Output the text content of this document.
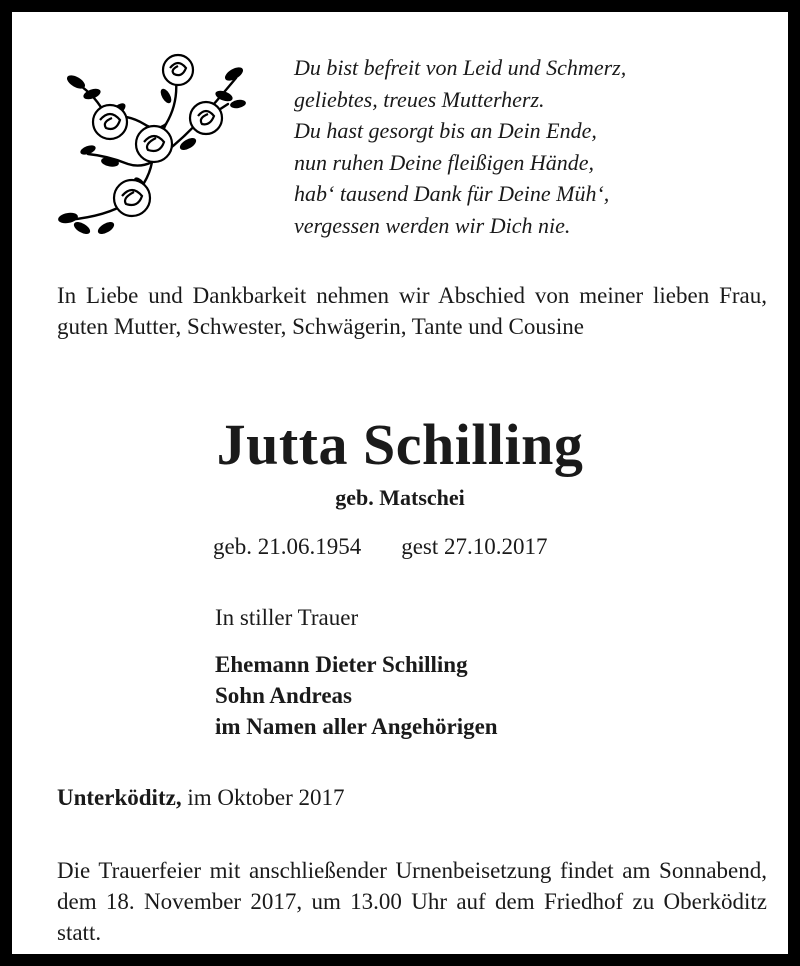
Du bist befreit von Leid und Schmerz,
geliebtes, treues Mutterherz.
Du hast gesorgt bis an Dein Ende,
nun ruhen Deine fleißigen Hände,
hab‘ tausend Dank für Deine Müh‘,
vergessen werden wir Dich nie.

In Liebe und Dankbarkeit nehmen wir Abschied von meiner lieben Frau, guten Mutter, Schwester, Schwägerin, Tante und Cousine

Jutta Schilling
geb. Matschei
geb. 21.06.1954 gest 27.10.2017
In stiller Trauer
Ehemann Dieter Schilling
Sohn Andreas
im Namen aller Angehörigen
Unterköditz, im Oktober 2017

Die Trauerfeier mit anschließender Urnenbeisetzung findet am Sonnabend, dem 18. November 2017, um 13.00 Uhr auf dem Friedhof zu Oberköditz statt.
